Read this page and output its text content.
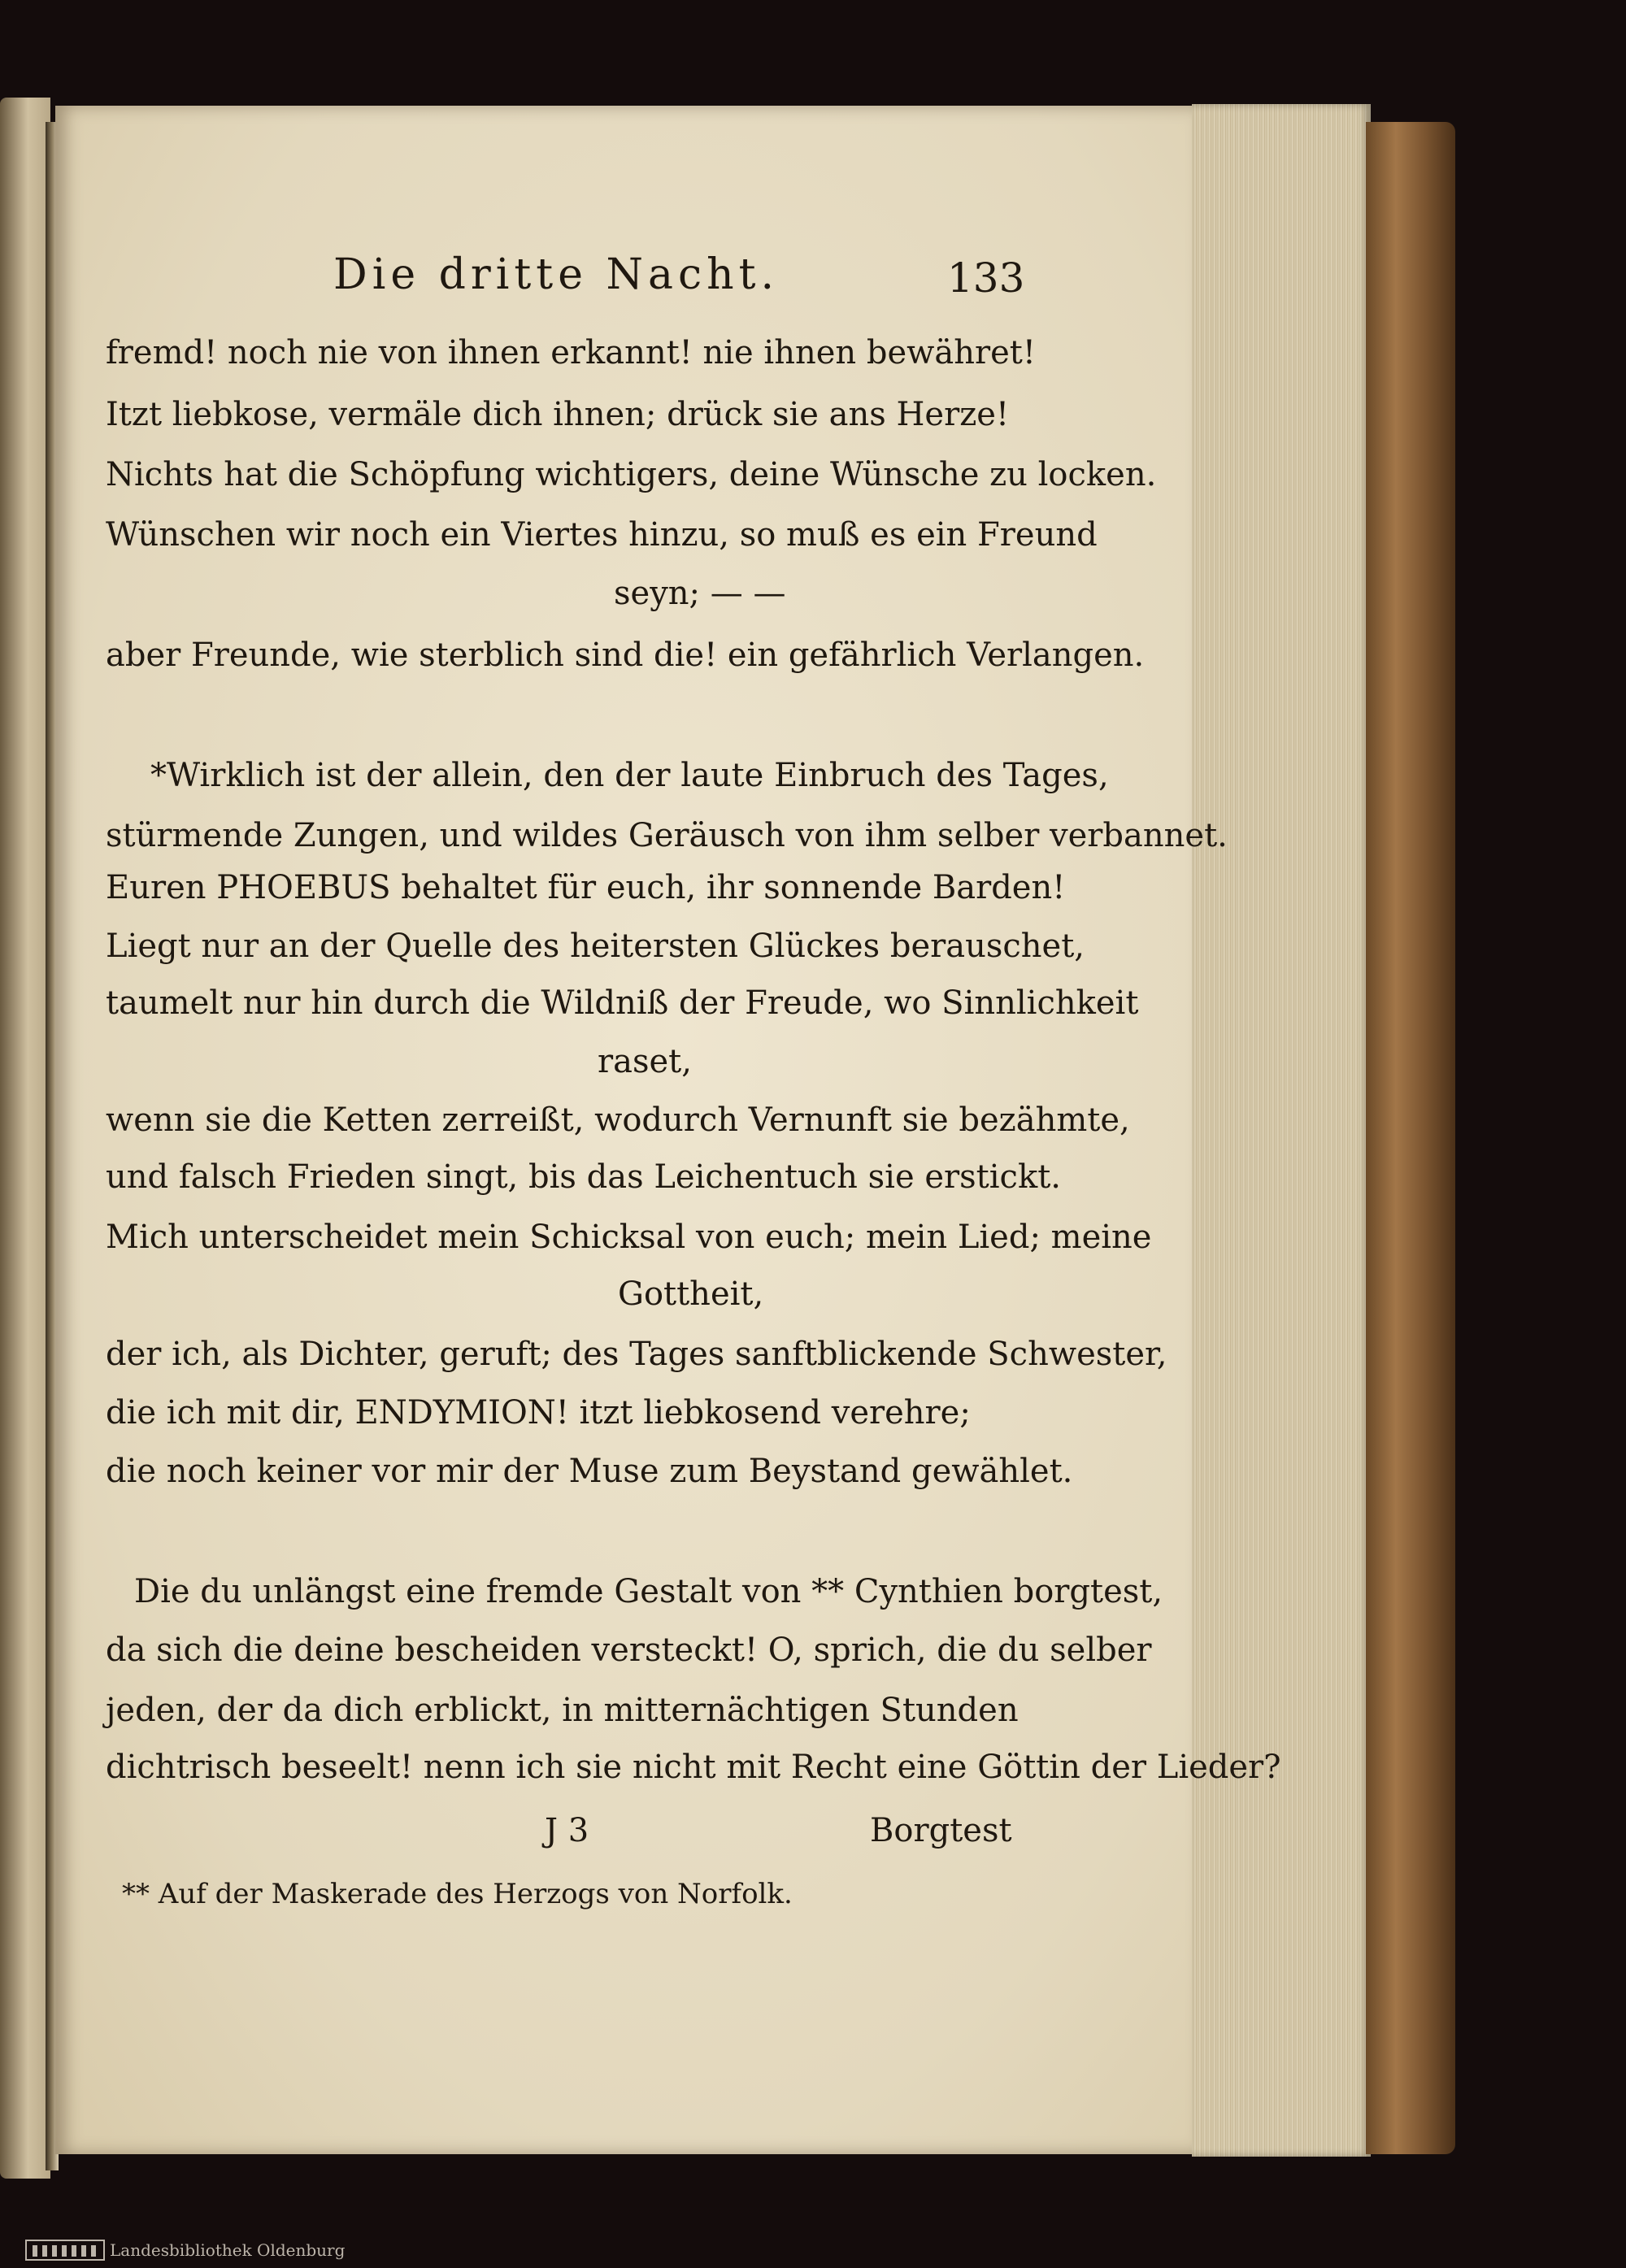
Die dritte Nacht.	133
fremd! noch nie von ihnen erkannt! nie ihnen bewähret!
Itzt liebkose, vermäle dich ihnen; drück sie ans Herze!
Nichts hat die Schöpfung wichtigers, deine Wünsche zu locken.
Wünschen wir noch ein Viertes hinzu, so muß es ein Freund
seyn; — —
aber Freunde, wie sterblich sind die! ein gefährlich Verlangen.
*Wirklich ist der allein, den der laute Einbruch des Tages,
stürmende Zungen, und wildes Geräusch von ihm selber verbannet.
Euren PHOEBUS behaltet für euch, ihr sonnende Barden!
Liegt nur an der Quelle des heitersten Glückes berauschet,
taumelt nur hin durch die Wildniß der Freude, wo Sinnlichkeit
raset,
wenn sie die Ketten zerreißt, wodurch Vernunft sie bezähmte,
und falsch Frieden singt, bis das Leichentuch sie erstickt.
Mich unterscheidet mein Schicksal von euch; mein Lied; meine
Gottheit,
der ich, als Dichter, geruft; des Tages sanftblickende Schwester,
die ich mit dir, ENDYMION! itzt liebkosend verehre;
die noch keiner vor mir der Muse zum Beystand gewählet.
Die du unlängst eine fremde Gestalt von ** Cynthien borgtest,
da sich die deine bescheiden versteckt! O, sprich, die du selber
jeden, der da dich erblickt, in mitternächtigen Stunden
dichtrisch beseelt! nenn ich sie nicht mit Recht eine Göttin der Lieder?
J 3	Borgtest
** Auf der Maskerade des Herzogs von Norfolk.
Landesbibliothek Oldenburg
